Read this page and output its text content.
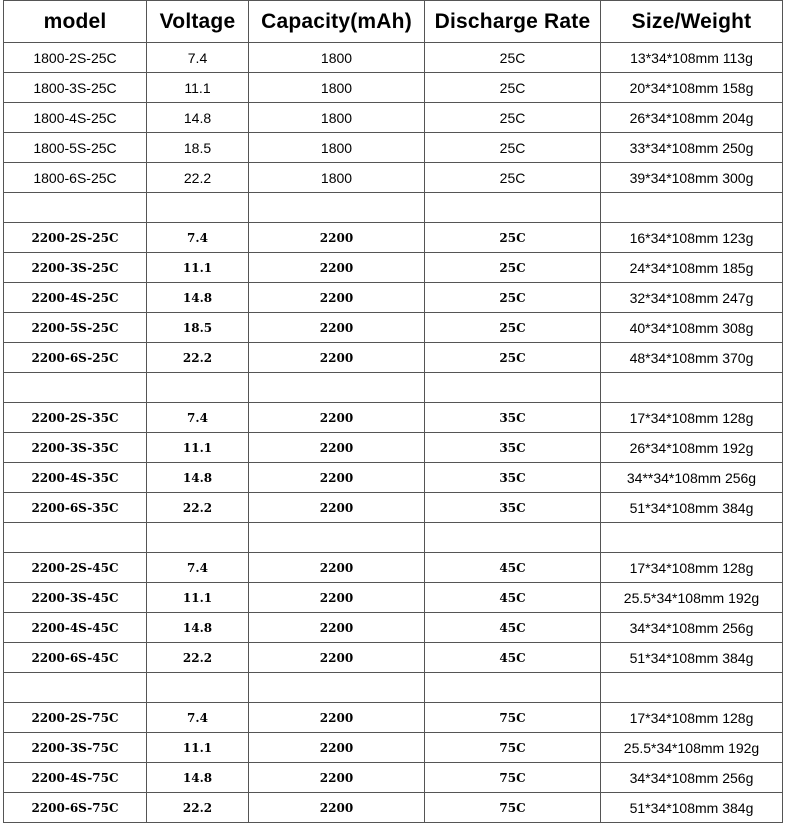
model	Voltage	Capacity(mAh)	Discharge Rate	Size/Weight
1800-2S-25C	7.4	1800	25C	13*34*108mm 113g
1800-3S-25C	11.1	1800	25C	20*34*108mm 158g
1800-4S-25C	14.8	1800	25C	26*34*108mm 204g
1800-5S-25C	18.5	1800	25C	33*34*108mm 250g
1800-6S-25C	22.2	1800	25C	39*34*108mm 300g

2200-2S-25C	7.4	2200	25C	16*34*108mm 123g
2200-3S-25C	11.1	2200	25C	24*34*108mm 185g
2200-4S-25C	14.8	2200	25C	32*34*108mm 247g
2200-5S-25C	18.5	2200	25C	40*34*108mm 308g
2200-6S-25C	22.2	2200	25C	48*34*108mm 370g

2200-2S-35C	7.4	2200	35C	17*34*108mm 128g
2200-3S-35C	11.1	2200	35C	26*34*108mm 192g
2200-4S-35C	14.8	2200	35C	34**34*108mm 256g
2200-6S-35C	22.2	2200	35C	51*34*108mm 384g

2200-2S-45C	7.4	2200	45C	17*34*108mm 128g
2200-3S-45C	11.1	2200	45C	25.5*34*108mm 192g
2200-4S-45C	14.8	2200	45C	34*34*108mm 256g
2200-6S-45C	22.2	2200	45C	51*34*108mm 384g

2200-2S-75C	7.4	2200	75C	17*34*108mm 128g
2200-3S-75C	11.1	2200	75C	25.5*34*108mm 192g
2200-4S-75C	14.8	2200	75C	34*34*108mm 256g
2200-6S-75C	22.2	2200	75C	51*34*108mm 384g
